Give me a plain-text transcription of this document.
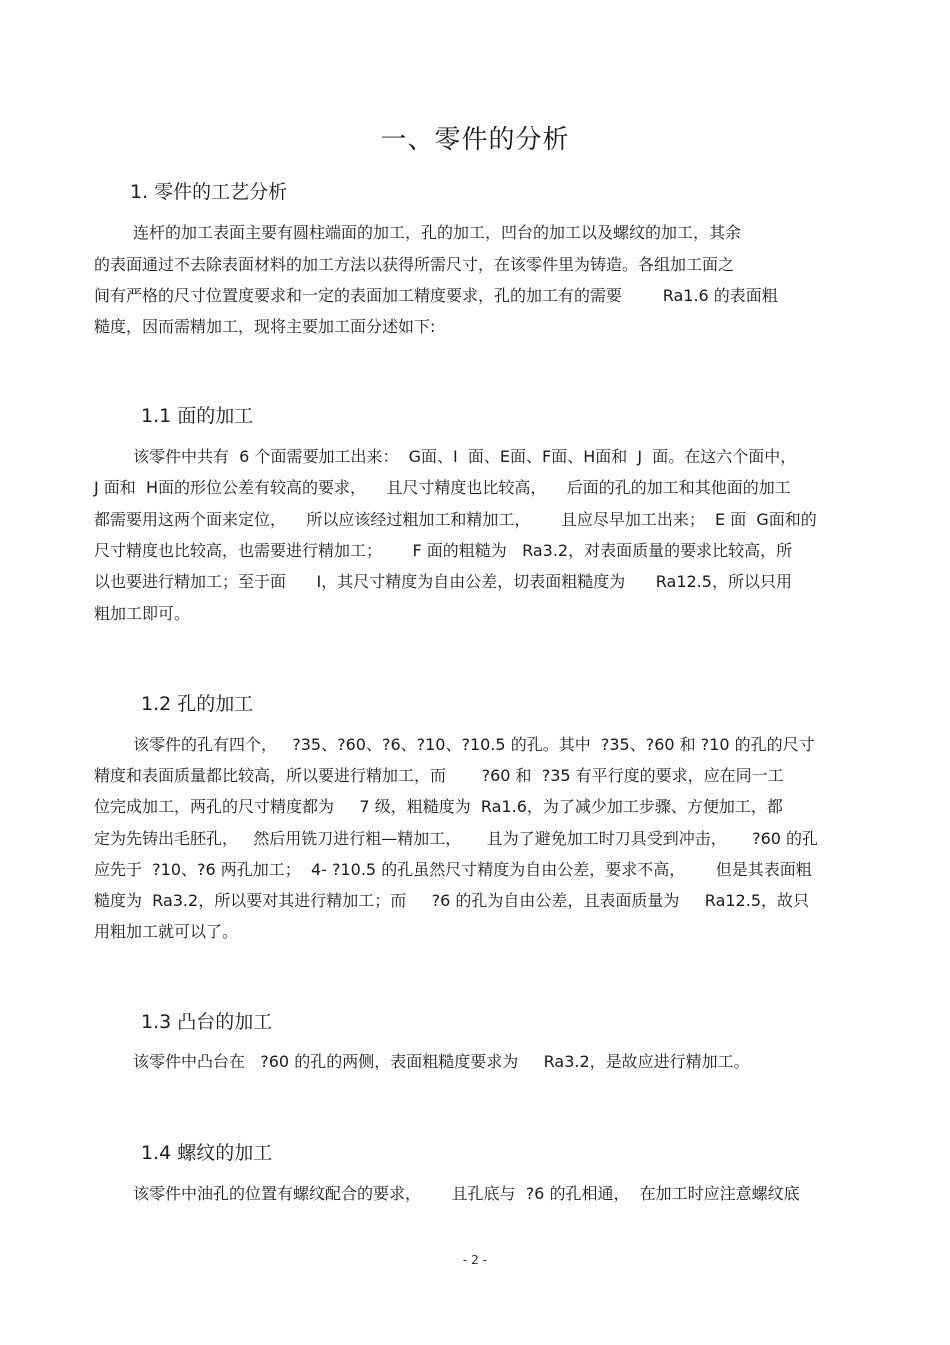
一、零件的分析
1. 零件的工艺分析
连杆的加工表面主要有圆柱端面的加工，孔的加工，凹台的加工以及螺纹的加工，其余
的表面通过不去除表面材料的加工方法以获得所需尺寸，在该零件里为铸造。各组加工面之
间有严格的尺寸位置度要求和一定的表面加工精度要求，孔的加工有的需要        Ra1.6 的表面粗
糙度，因而需精加工，现将主要加工面分述如下:
1.1 面的加工
该零件中共有  6 个面需要加工出来：  G面、I  面、E面、F面、H面和  J  面。在这六个面中，
J 面和  H面的形位公差有较高的要求，    且尺寸精度也比较高，    后面的孔的加工和其他面的加工
都需要用这两个面来定位，    所以应该经过粗加工和精加工，      且应尽早加工出来；  E 面  G面和的
尺寸精度也比较高，也需要进行精加工；      F 面的粗糙为   Ra3.2，对表面质量的要求比较高，所
以也要进行精加工；至于面      I，其尺寸精度为自由公差，切表面粗糙度为      Ra12.5，所以只用
粗加工即可。
1.2 孔的加工
该零件的孔有四个，   ?35、?60、?6、?10、?10.5 的孔。其中  ?35、?60 和 ?10 的孔的尺寸
精度和表面质量都比较高，所以要进行精加工，而       ?60 和  ?35 有平行度的要求，应在同一工
位完成加工，两孔的尺寸精度都为     7 级，粗糙度为  Ra1.6，为了减少加工步骤、方便加工，都
定为先铸出毛胚孔，   然后用铣刀进行粗—精加工，     且为了避免加工时刀具受到冲击，     ?60 的孔
应先于  ?10、?6 两孔加工；  4- ?10.5 的孔虽然尺寸精度为自由公差，要求不高，      但是其表面粗
糙度为  Ra3.2，所以要对其进行精加工；而     ?6 的孔为自由公差，且表面质量为     Ra12.5，故只
用粗加工就可以了。
1.3 凸台的加工
该零件中凸台在   ?60 的孔的两侧，表面粗糙度要求为     Ra3.2，是故应进行精加工。
1.4 螺纹的加工
该零件中油孔的位置有螺纹配合的要求，      且孔底与  ?6 的孔相通，  在加工时应注意螺纹底
- 2 -
